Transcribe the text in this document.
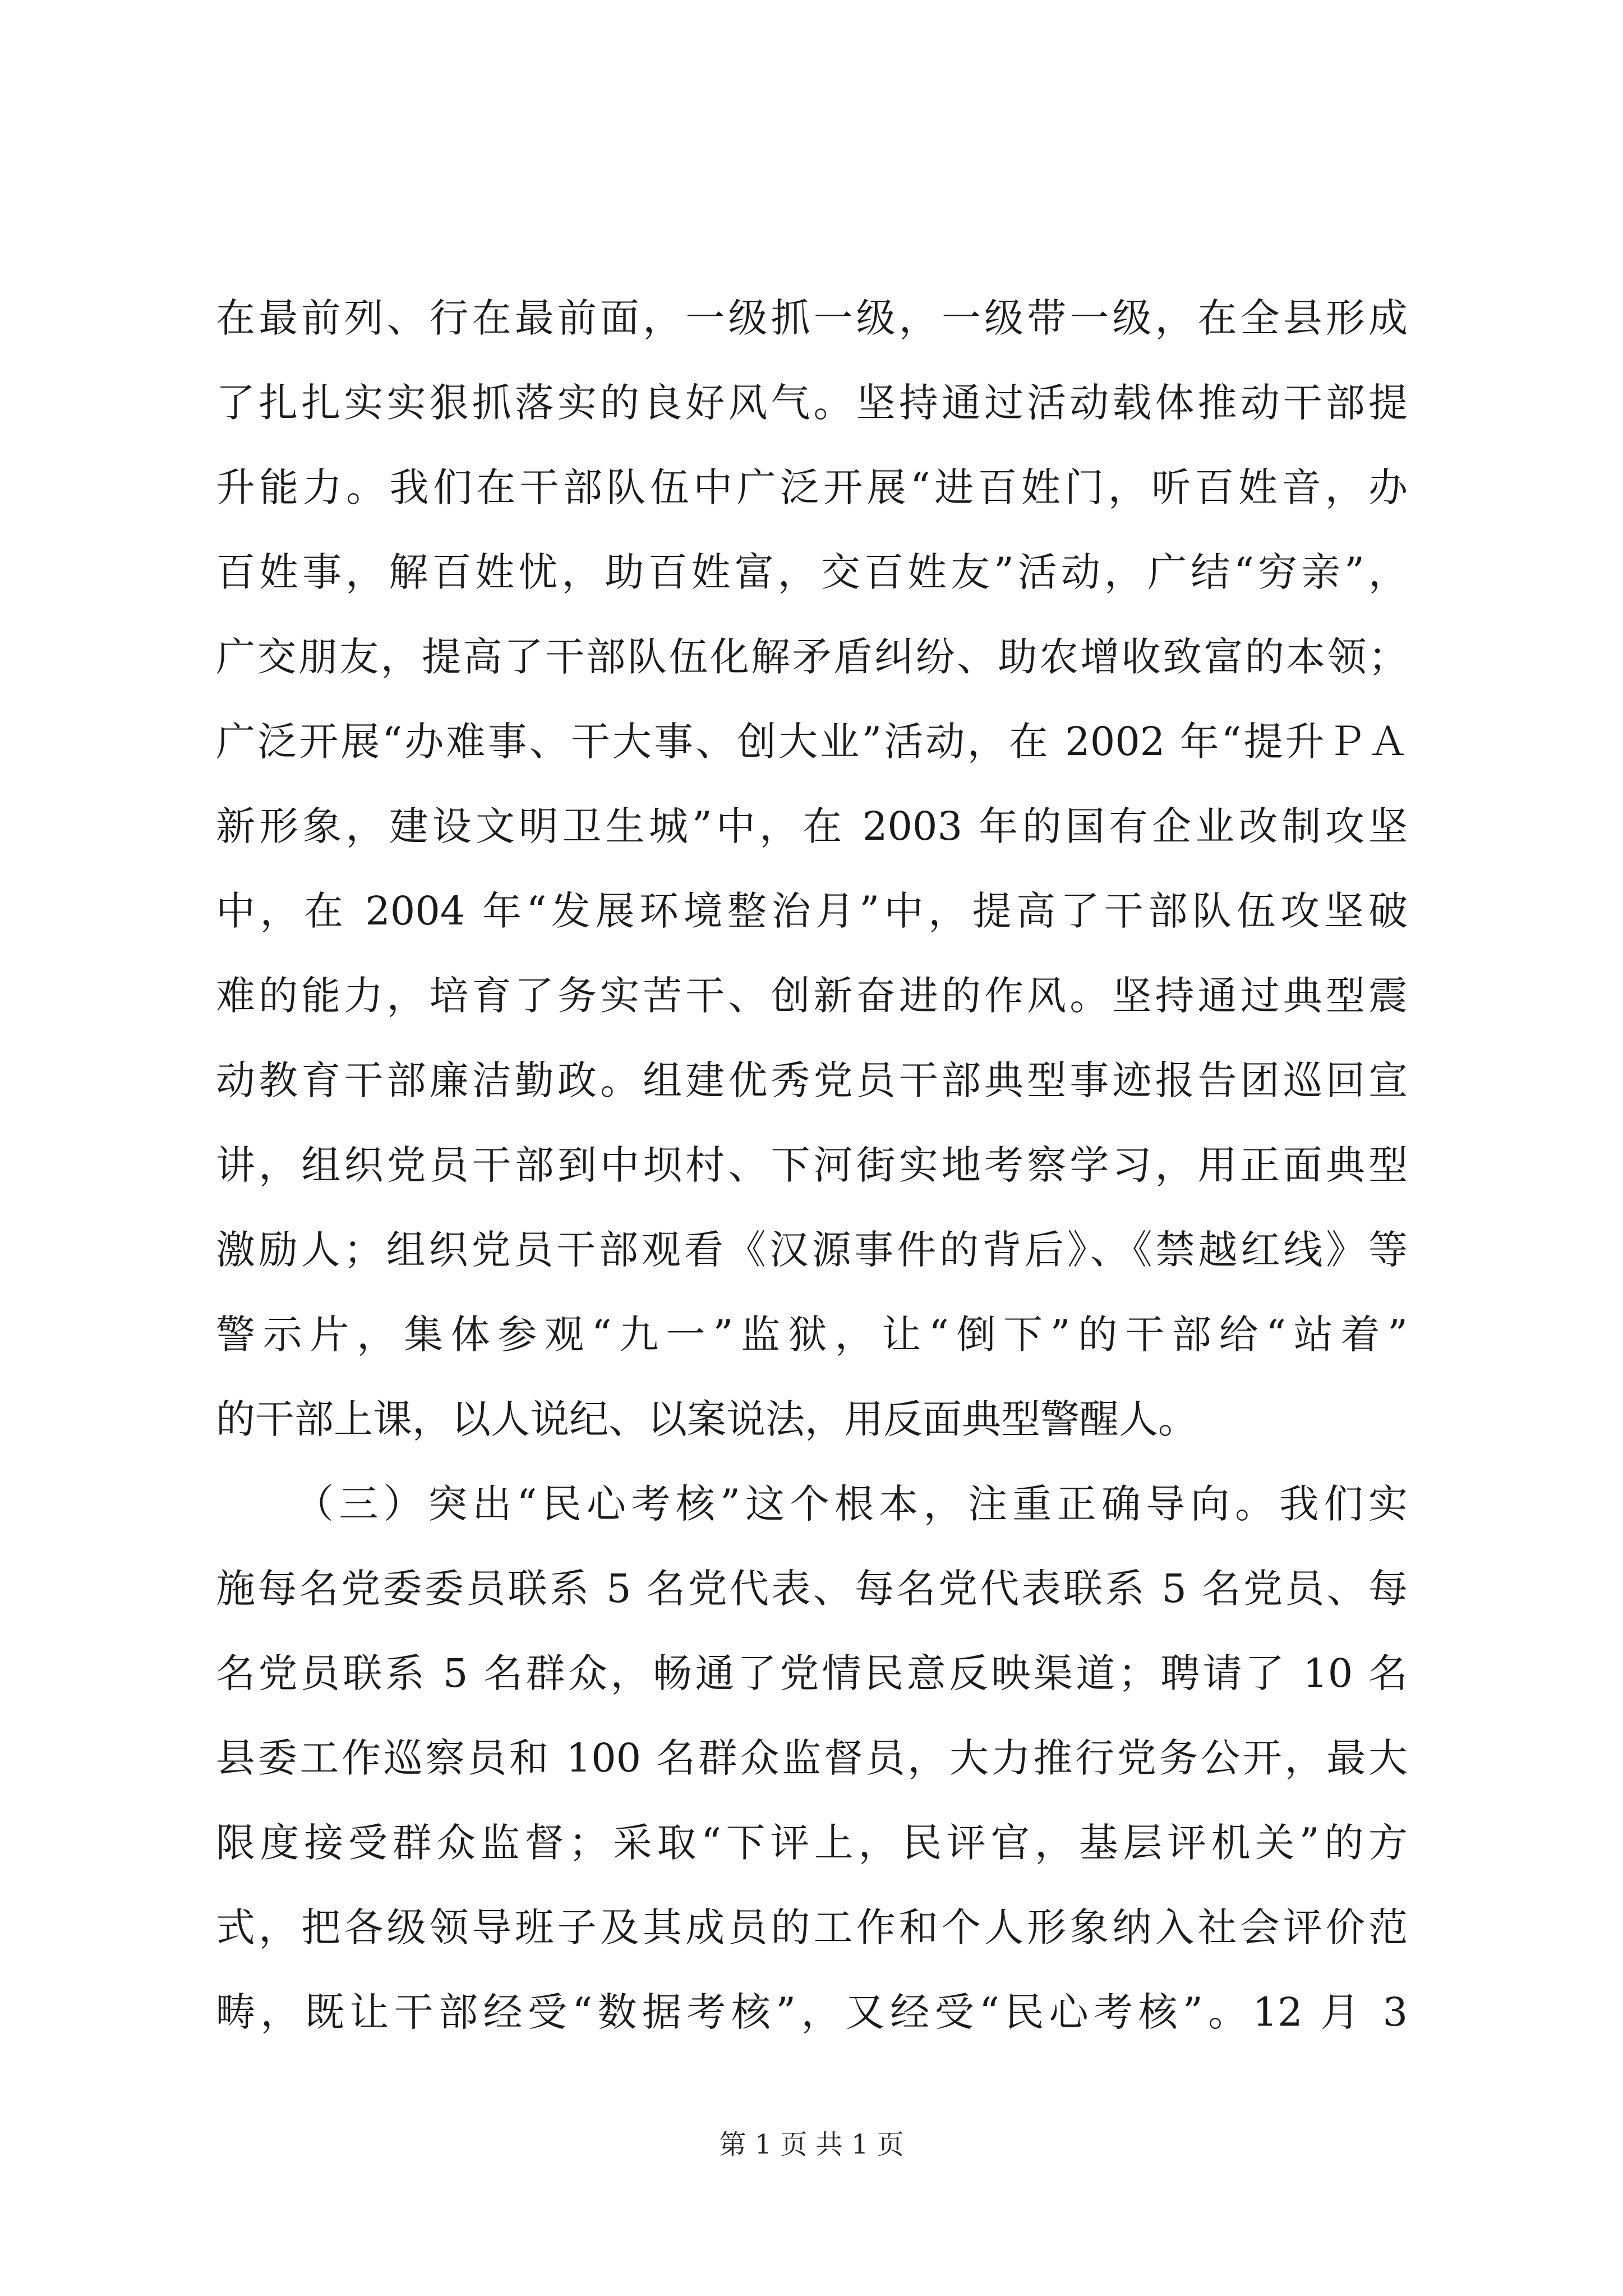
在最前列、行在最前面，一级抓一级，一级带一级，在全县形成
了扎扎实实狠抓落实的良好风气。坚持通过活动载体推动干部提
升能力。我们在干部队伍中广泛开展“进百姓门，听百姓音，办
百姓事，解百姓忧，助百姓富，交百姓友”活动，广结“穷亲”，
广交朋友，提高了干部队伍化解矛盾纠纷、助农增收致富的本领；
广泛开展“办难事、干大事、创大业”活动，在 2002 年“提升ＰＡ
新形象，建设文明卫生城”中，在 2003 年的国有企业改制攻坚
中，在 2004 年“发展环境整治月”中，提高了干部队伍攻坚破
难的能力，培育了务实苦干、创新奋进的作风。坚持通过典型震
动教育干部廉洁勤政。组建优秀党员干部典型事迹报告团巡回宣
讲，组织党员干部到中坝村、下河街实地考察学习，用正面典型
激励人；组织党员干部观看《汉源事件的背后》、《禁越红线》等
警示片，集体参观“九一”监狱，让“倒下”的干部给“站着”
的干部上课，以人说纪、以案说法，用反面典型警醒人。
（三）突出“民心考核”这个根本，注重正确导向。我们实
施每名党委委员联系 5 名党代表、每名党代表联系 5 名党员、每
名党员联系 5 名群众，畅通了党情民意反映渠道；聘请了 10 名
县委工作巡察员和 100 名群众监督员，大力推行党务公开，最大
限度接受群众监督；采取“下评上，民评官，基层评机关”的方
式，把各级领导班子及其成员的工作和个人形象纳入社会评价范
畴，既让干部经受“数据考核”，又经受“民心考核”。12 月 3
第 1 页 共 1 页
